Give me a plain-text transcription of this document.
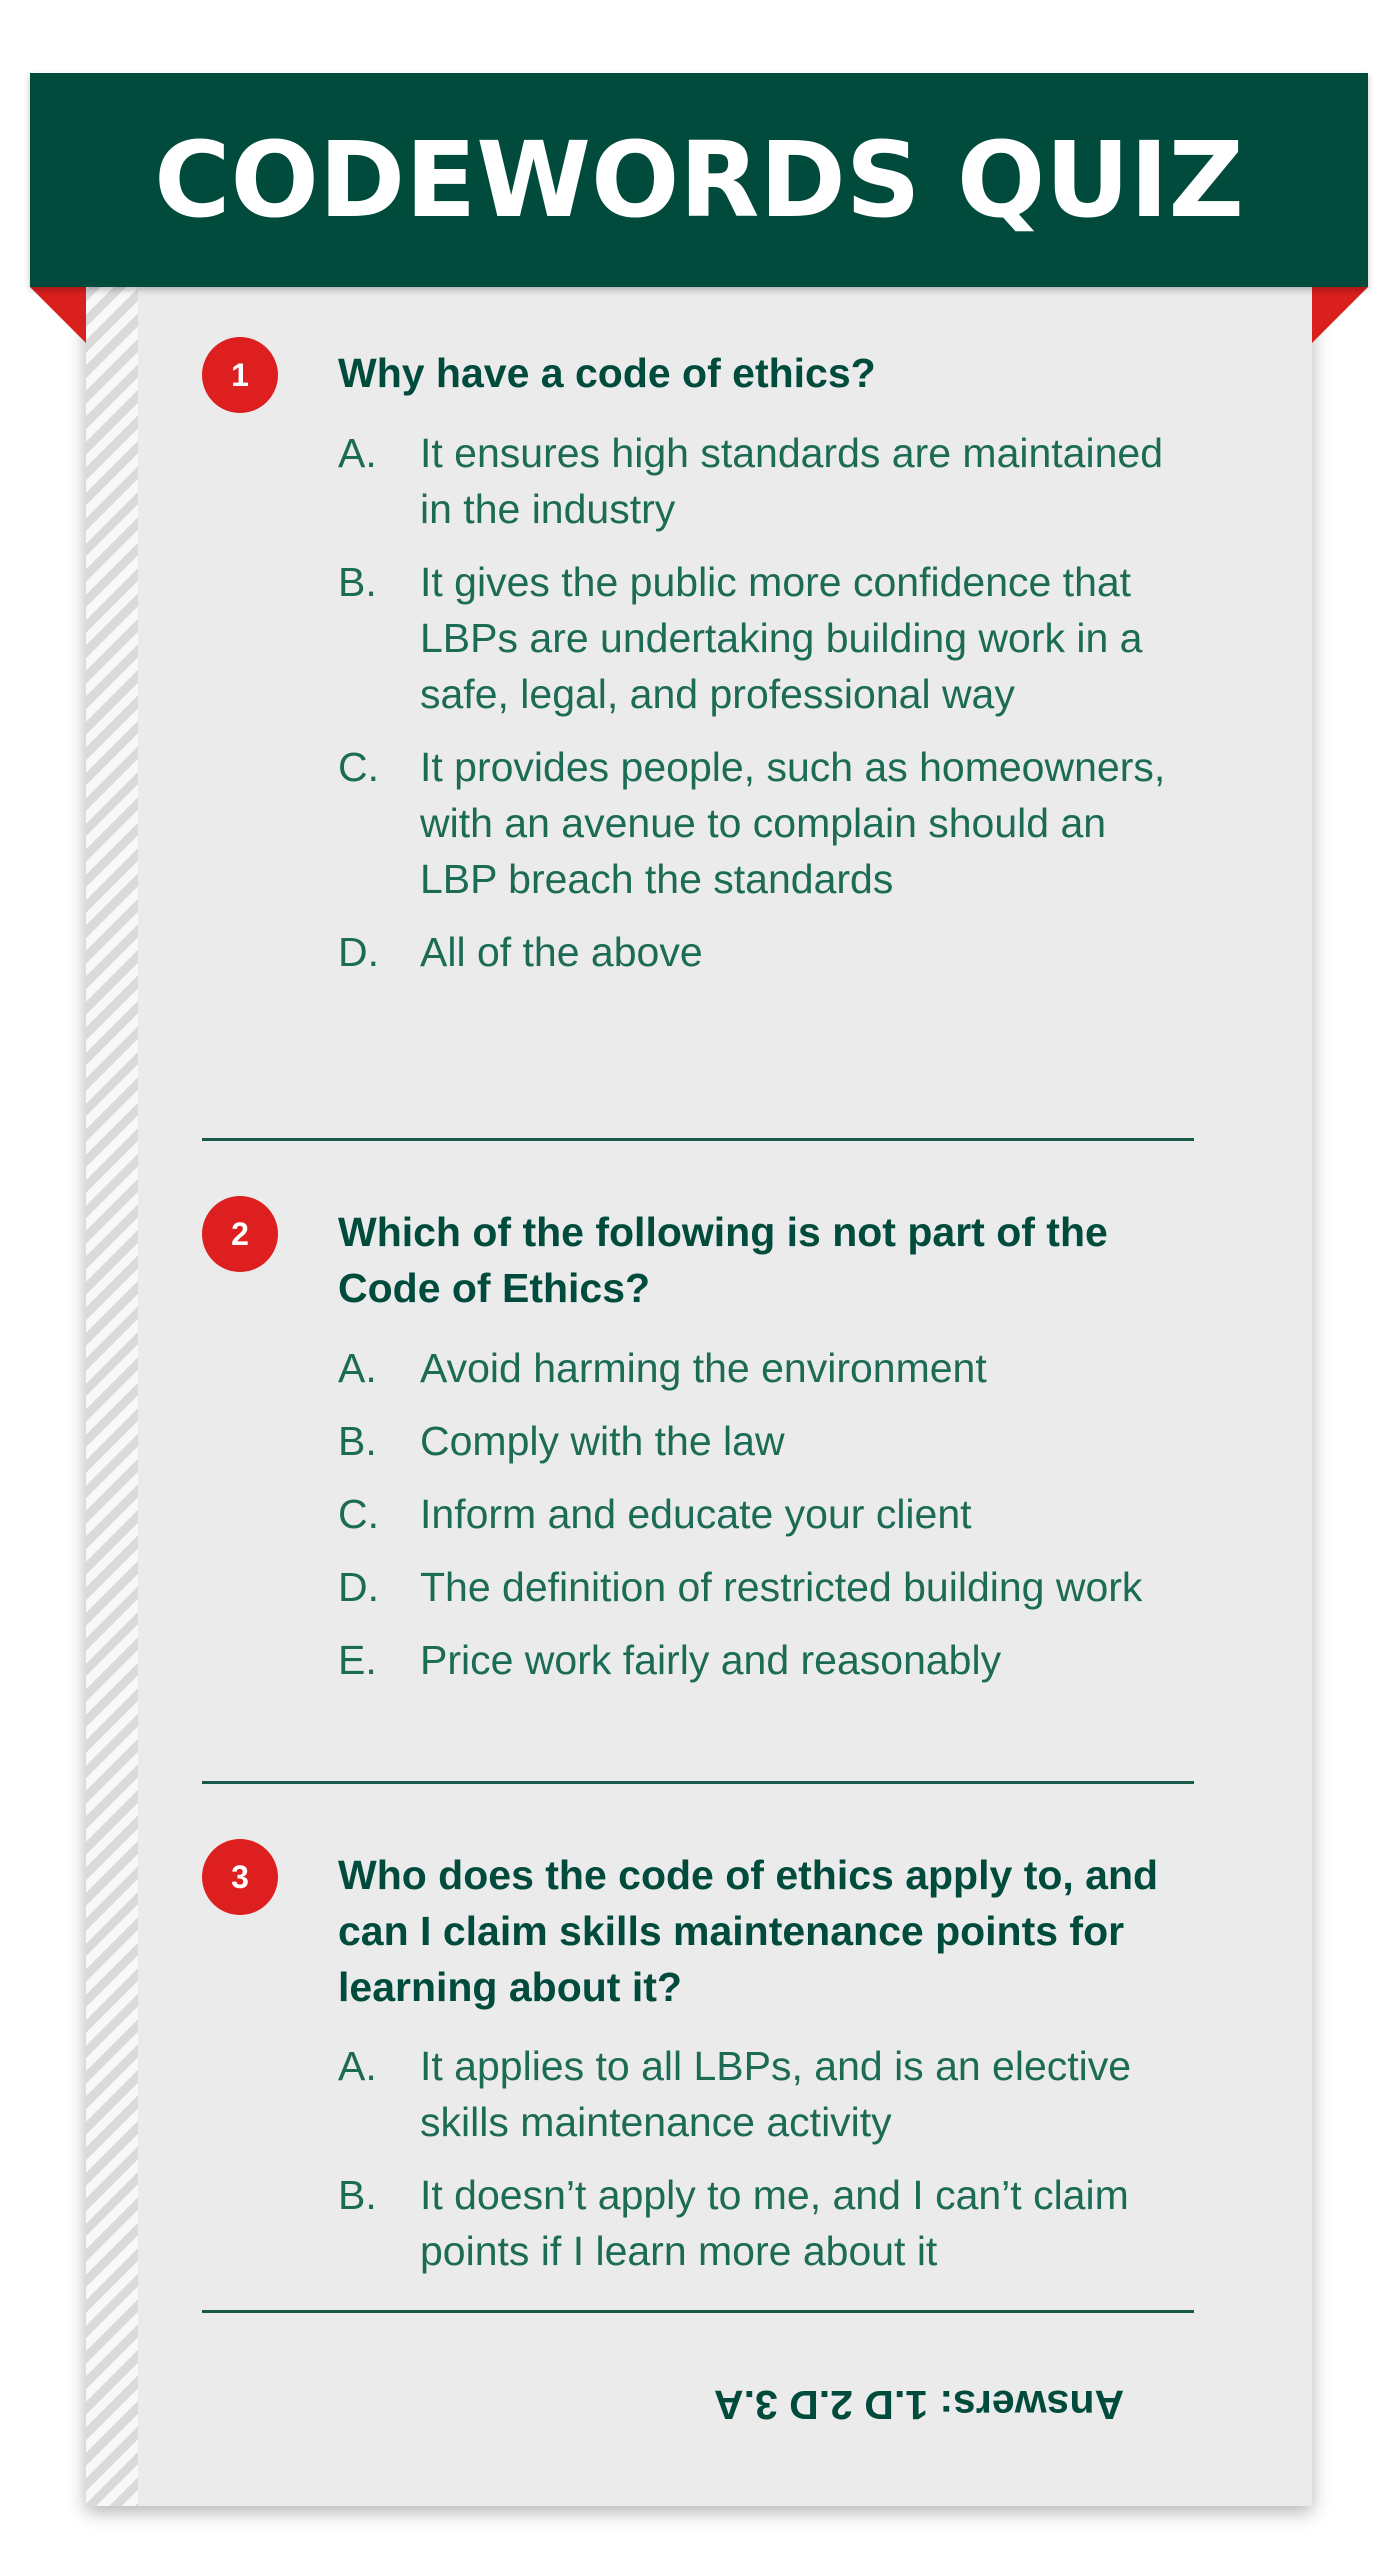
CODEWORDS QUIZ
1	Why have a code of ethics?

A.	It ensures high standards are maintained in the industry
B.	It gives the public more confidence that LBPs are undertaking building work in a safe, legal, and professional way
C.	It provides people, such as homeowners, with an avenue to complain should an LBP breach the standards
D.	All of the above
2	Which of the following is not part of the Code of Ethics?

A.	Avoid harming the environment
B.	Comply with the law
C.	Inform and educate your client
D.	The definition of restricted building work
E.	Price work fairly and reasonably
3	Who does the code of ethics apply to, and can I claim skills maintenance points for learning about it?

A.	It applies to all LBPs, and is an elective skills maintenance activity
B.	It doesn’t apply to me, and I can’t claim points if I learn more about it
Answers: 1.D 2.D 3.A
